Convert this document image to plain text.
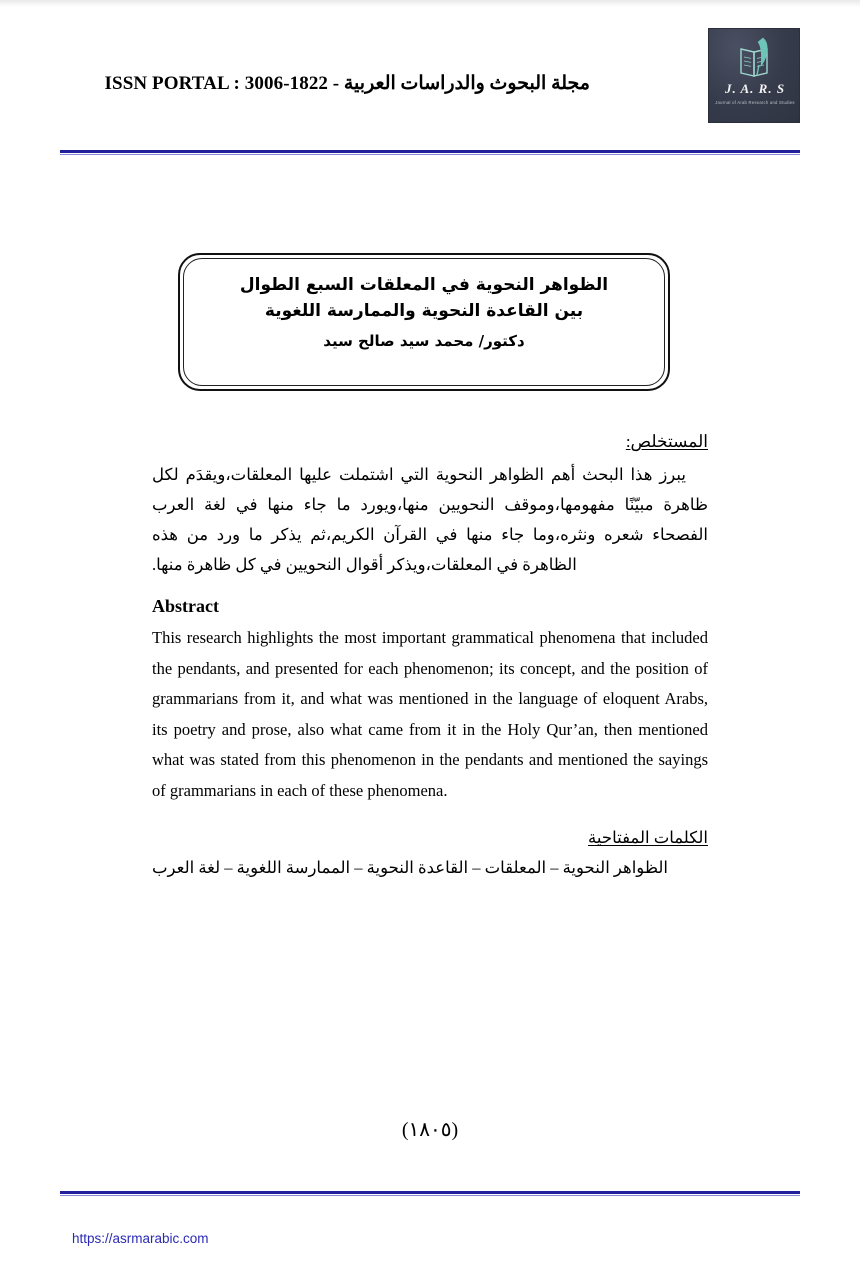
مجلة البحوث والدراسات العربية - ISSN PORTAL : 3006-1822	J. A. R. S
Journal of Arab Research and Studies
الظواهر النحوية في المعلقات السبع الطوال
بين القاعدة النحوية والممارسة اللغوية
دكتور/ محمد سيد صالح سيد
المستخلص:

يبرز هذا البحث أهم الظواهر النحوية التي اشتملت عليها المعلقات،ويقدَم لكل ظاهرة مبيّنًا مفهومها،وموقف النحويين منها،ويورد ما جاء منها في لغة العرب الفصحاء شعره ونثره،وما جاء منها في القرآن الكريم،ثم يذكر ما ورد من هذه الظاهرة في المعلقات،ويذكر أقوال النحويين في كل ظاهرة منها.

Abstract

This research highlights the most important grammatical phenomena that included the pendants, and presented for each phenomenon; its concept, and the position of grammarians from it, and what was mentioned in the language of eloquent Arabs, its poetry and prose, also what came from it in the Holy Qur’an, then mentioned what was stated from this phenomenon in the pendants and mentioned the sayings of grammarians in each of these phenomena.

الكلمات المفتاحية

الظواهر النحوية – المعلقات – القاعدة النحوية – الممارسة اللغوية – لغة العرب

(١٨٠٥)
https://asrmarabic.com
